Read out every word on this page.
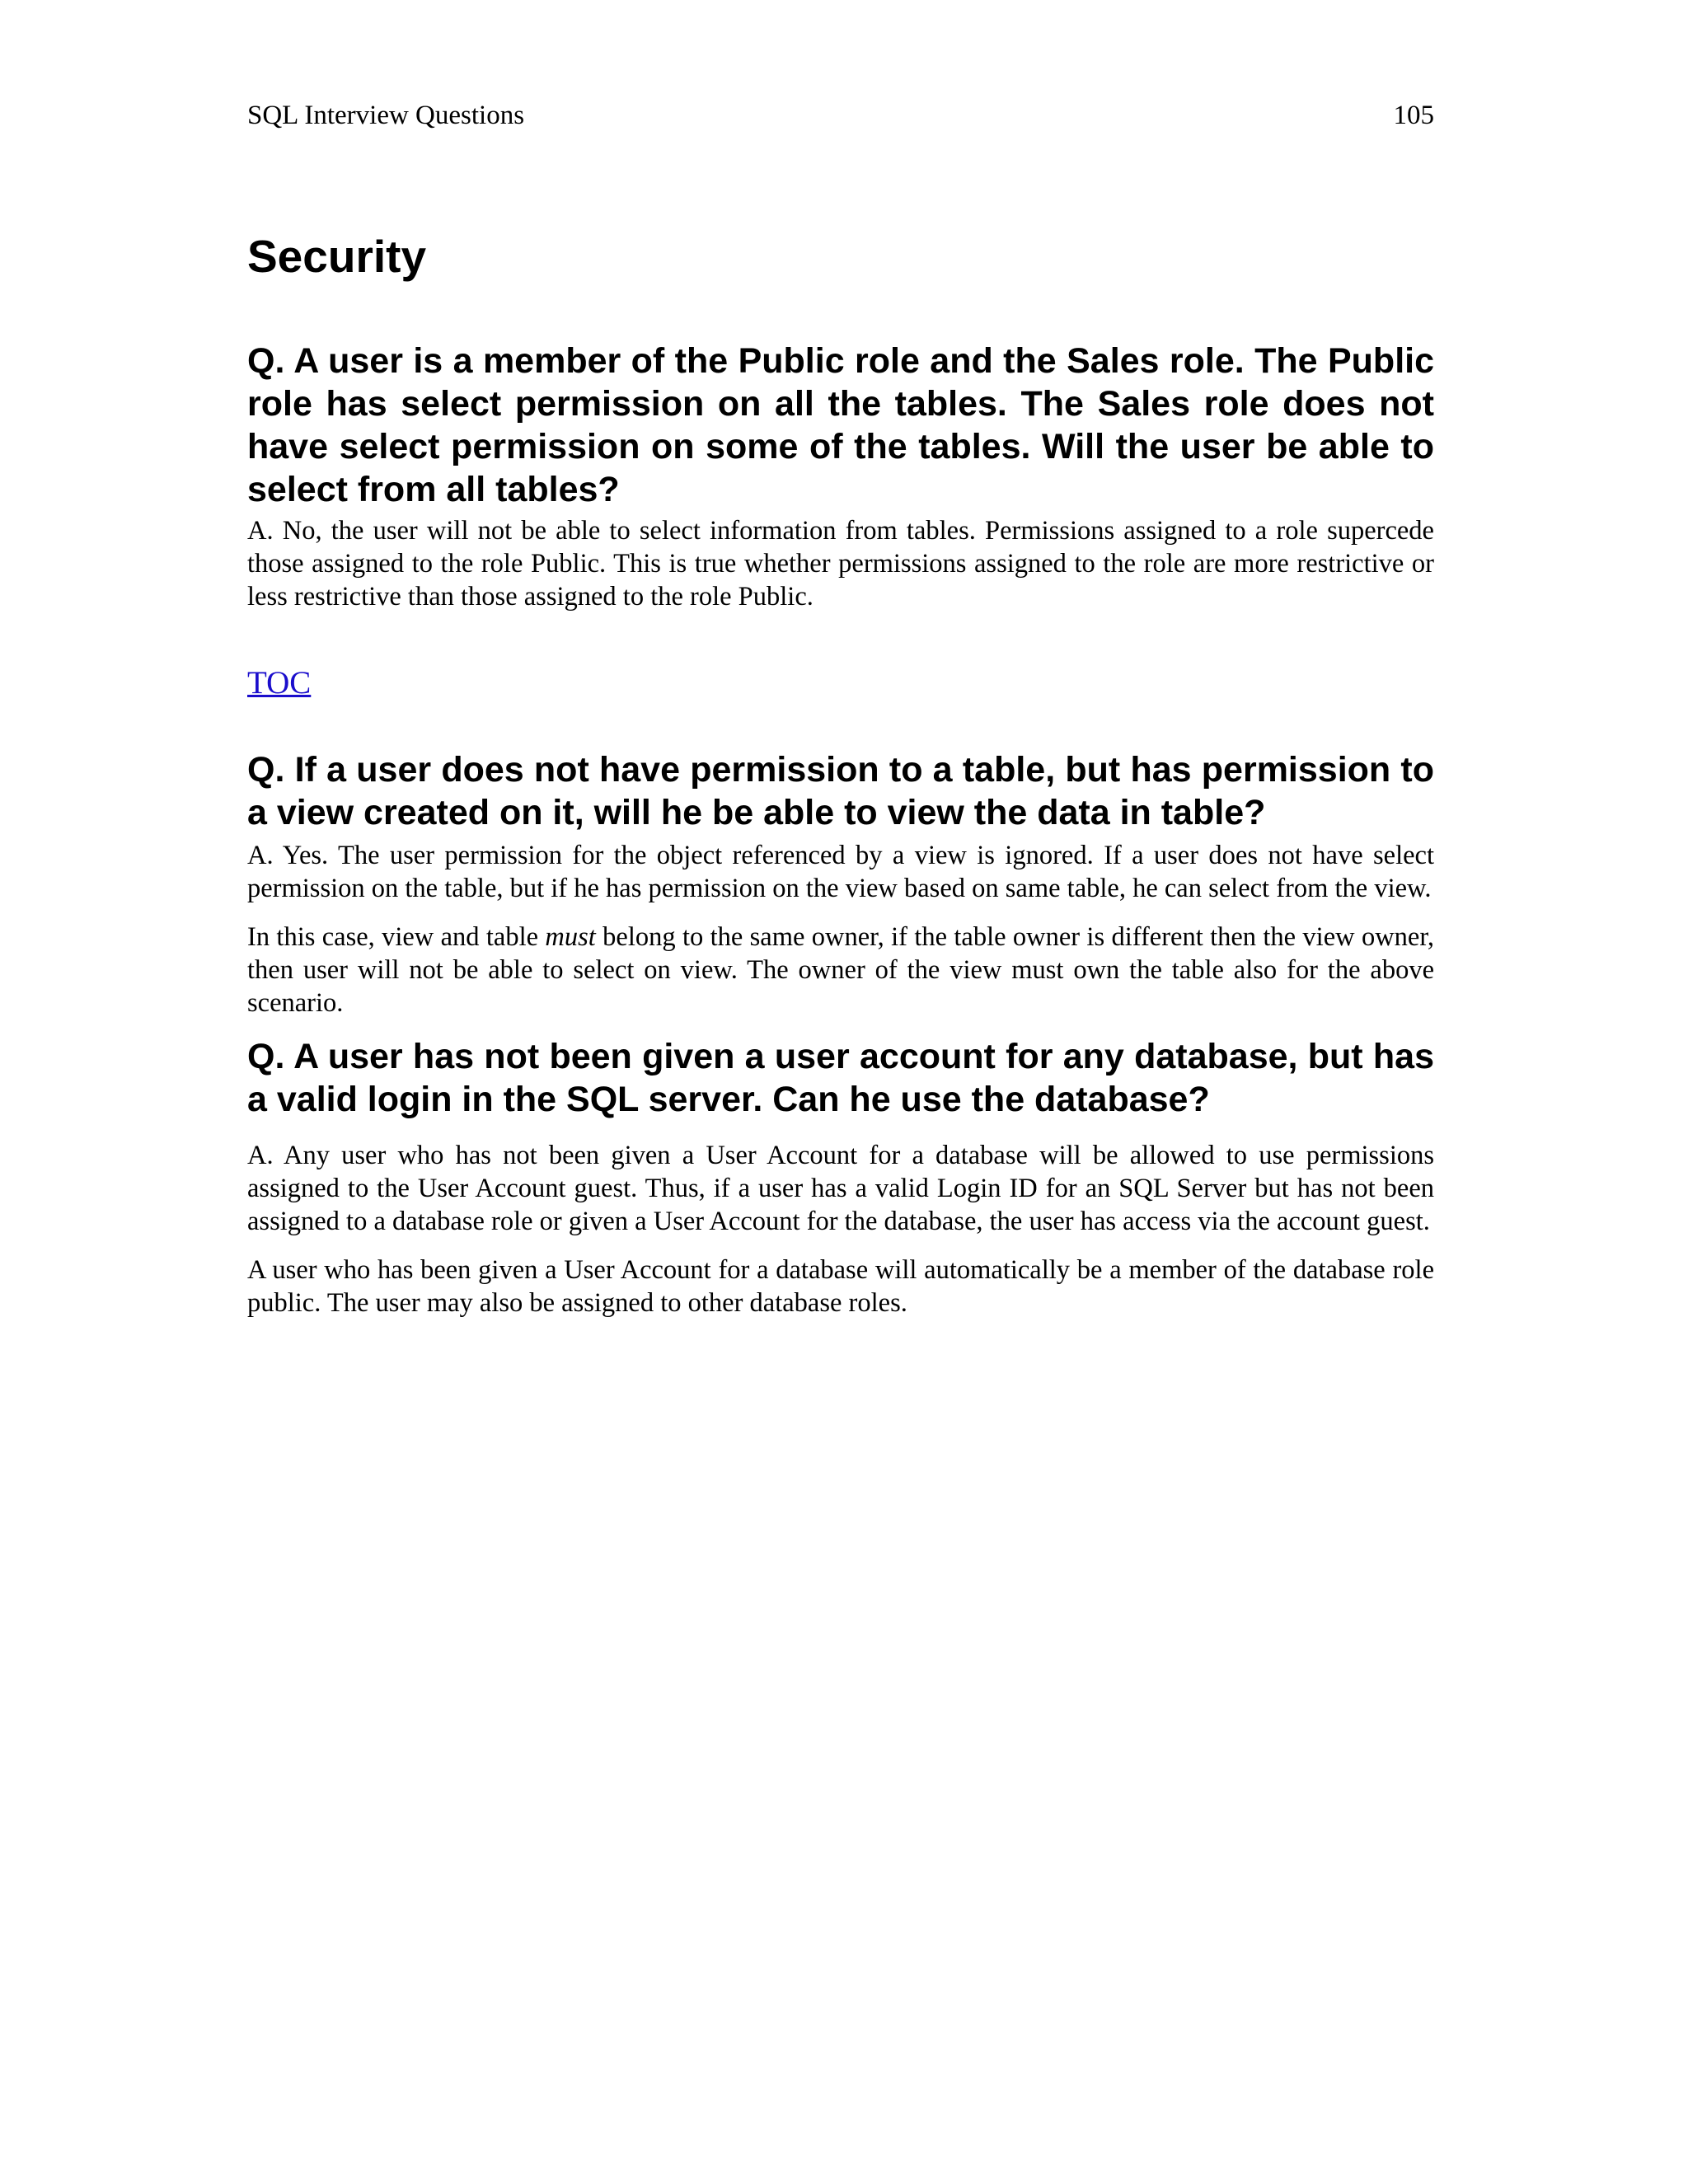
SQL Interview Questions	105
Security
Q. A user is a member of the Public role and the Sales role. The Public role has select permission on all the tables. The Sales role does not have select permission on some of the tables. Will the user be able to select from all tables?

A. No, the user will not be able to select information from tables. Permissions assigned to a role supercede those assigned to the role Public. This is true whether permissions assigned to the role are more restrictive or less restrictive than those assigned to the role Public.

TOC
Q. If a user does not have permission to a table, but has permission to a view created on it, will he be able to view the data in table?

A. Yes. The user permission for the object referenced by a view is ignored. If a user does not have select permission on the table, but if he has permission on the view based on same table, he can select from the view.

In this case, view and table must belong to the same owner, if the table owner is different then the view owner, then user will not be able to select on view. The owner of the view must own the table also for the above scenario.

Q. A user has not been given a user account for any database, but has a valid login in the SQL server. Can he use the database?

A. Any user who has not been given a User Account for a database will be allowed to use permissions assigned to the User Account guest. Thus, if a user has a valid Login ID for an SQL Server but has not been assigned to a database role or given a User Account for the database, the user has access via the account guest.

A user who has been given a User Account for a database will automatically be a member of the database role public. The user may also be assigned to other database roles.
